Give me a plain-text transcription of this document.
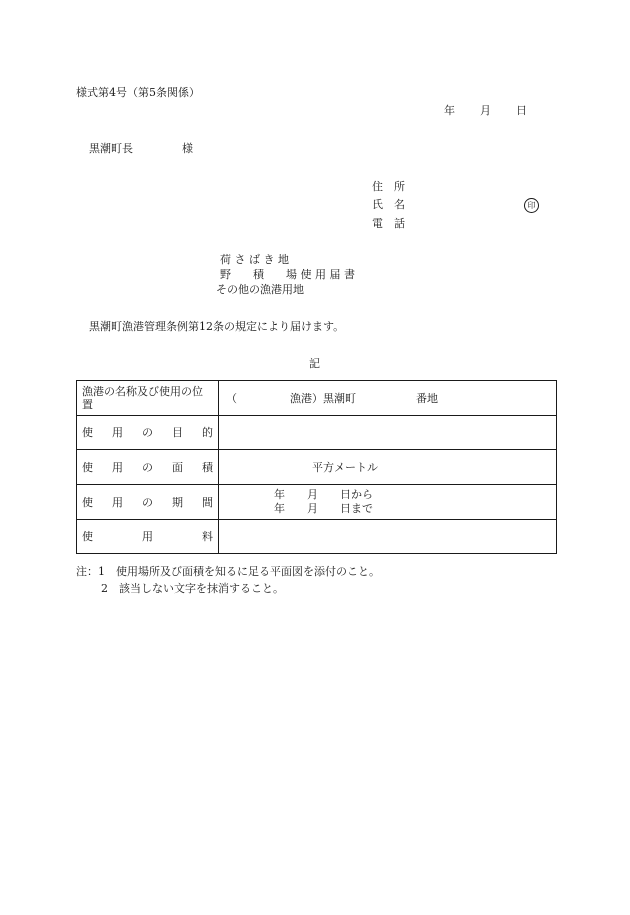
様式第4号（第5条関係）
年 月 日
黒潮町長	様
住　所
氏　名	印
電　話
荷 さ ば き 地
野　　積　　場 使 用 届 書
その他の漁港用地
黒潮町漁港管理条例第12条の規定により届けます。
記
漁港の名称及び使用の位置	（ 漁港）黒潮町 番地

使 用 の 目 的	

使 用 の 面 積	平方メートル

使 用 の 期 間	年　　月　　日から
年　　月　　日まで

使 用 料	

注：1　使用場所及び面積を知るに足る平面図を添付のこと。
2　該当しない文字を抹消すること。
